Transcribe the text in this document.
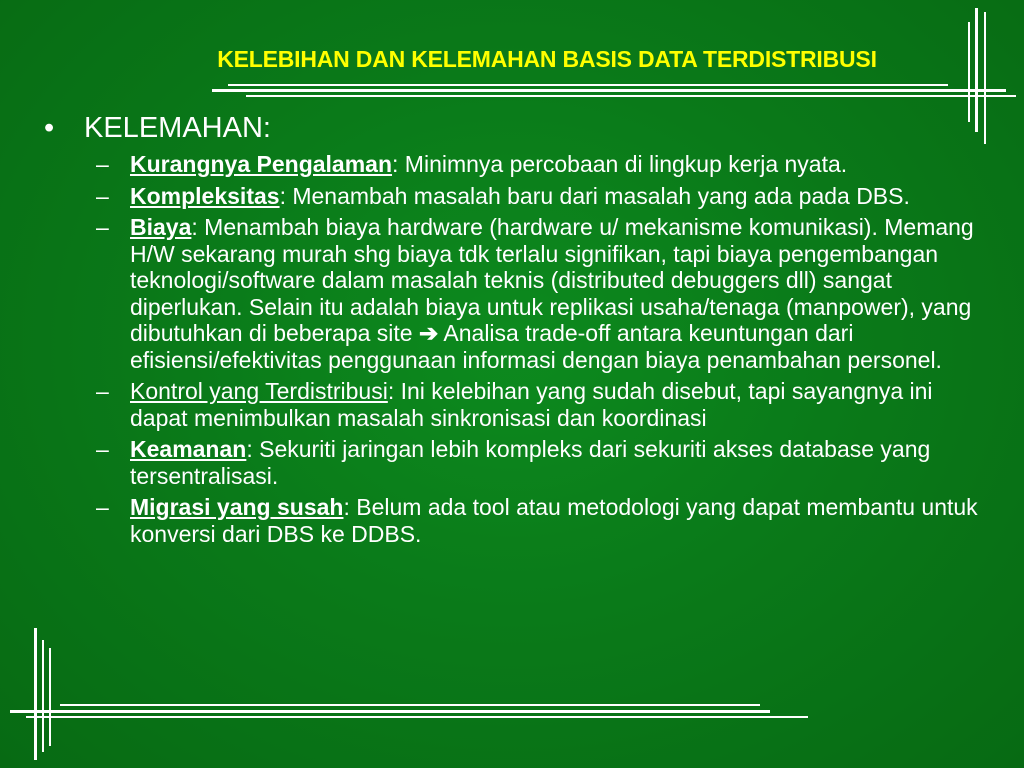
KELEBIHAN DAN KELEMAHAN BASIS DATA TERDISTRIBUSI
•	KELEMAHAN:
– Kurangnya Pengalaman: Minimnya percobaan di lingkup kerja nyata.
– Kompleksitas: Menambah masalah baru dari masalah yang ada pada DBS.
– Biaya: Menambah biaya hardware (hardware u/ mekanisme komunikasi). Memang H/W sekarang murah shg biaya tdk terlalu signifikan, tapi biaya pengembangan teknologi/software dalam masalah teknis (distributed debuggers dll) sangat diperlukan. Selain itu adalah biaya untuk replikasi usaha/tenaga (manpower), yang dibutuhkan di beberapa site ➔ Analisa trade-off antara keuntungan dari efisiensi/efektivitas penggunaan informasi dengan biaya penambahan personel.
– Kontrol yang Terdistribusi: Ini kelebihan yang sudah disebut, tapi sayangnya ini dapat menimbulkan masalah sinkronisasi dan koordinasi
– Keamanan: Sekuriti jaringan lebih kompleks dari sekuriti akses database yang tersentralisasi.
– Migrasi yang susah: Belum ada tool atau metodologi yang dapat membantu untuk konversi dari DBS ke DDBS.
